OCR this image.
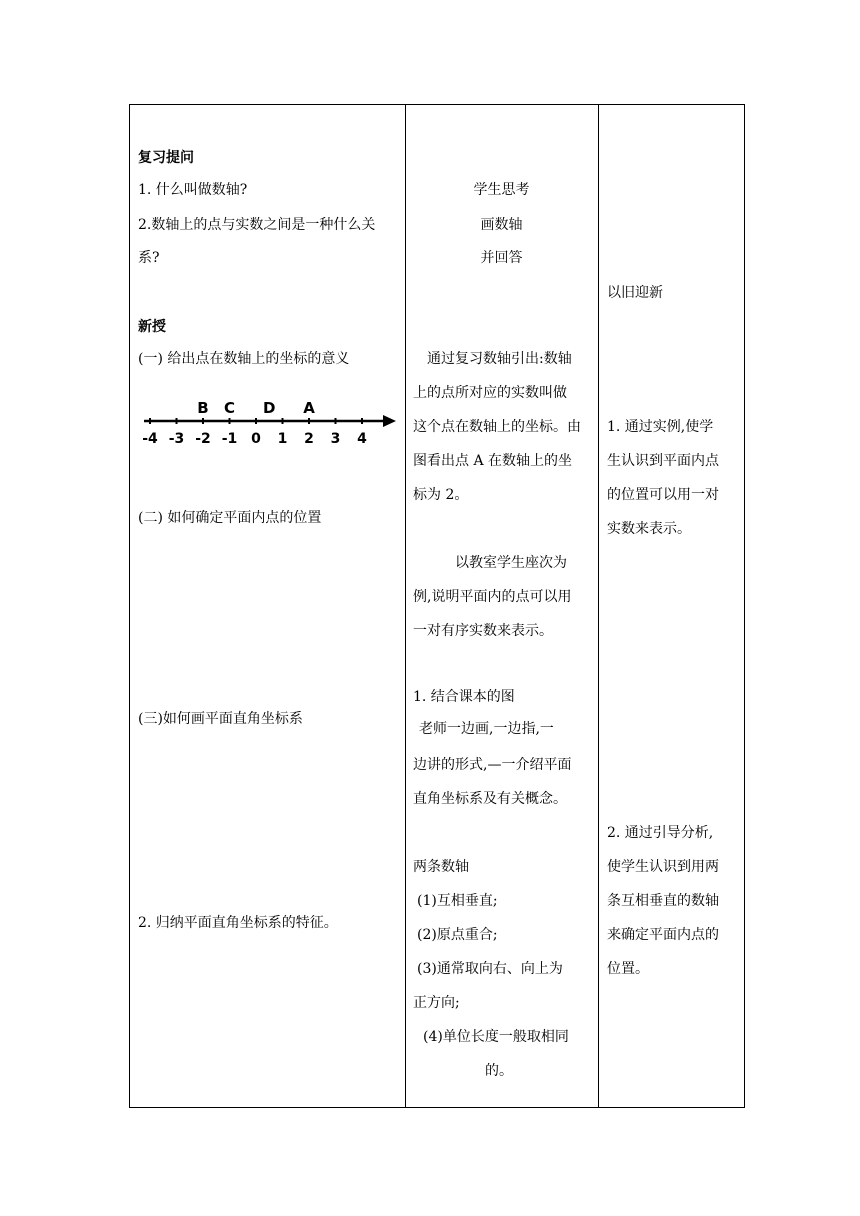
复习提问
1. 什么叫做数轴?
2.数轴上的点与实数之间是一种什么关
系?
新授
(一) 给出点在数轴上的坐标的意义
-4 -3 -2 -1 0 1 2 3 4
B C D A
(二) 如何确定平面内点的位置
(三)如何画平面直角坐标系
2. 归纳平面直角坐标系的特征。
学生思考
画数轴
并回答
通过复习数轴引出:数轴
上的点所对应的实数叫做
这个点在数轴上的坐标。由
图看出点 A 在数轴上的坐
标为 2。
以教室学生座次为
例,说明平面内的点可以用
一对有序实数来表示。
1. 结合课本的图
老师一边画,一边指,一
边讲的形式,—一介绍平面
直角坐标系及有关概念。
两条数轴
(1)互相垂直;
(2)原点重合;
(3)通常取向右、向上为
正方向;
(4)单位长度一般取相同
的。
以旧迎新
1. 通过实例,使学
生认识到平面内点
的位置可以用一对
实数来表示。
2. 通过引导分析,
使学生认识到用两
条互相垂直的数轴
来确定平面内点的
位置。
